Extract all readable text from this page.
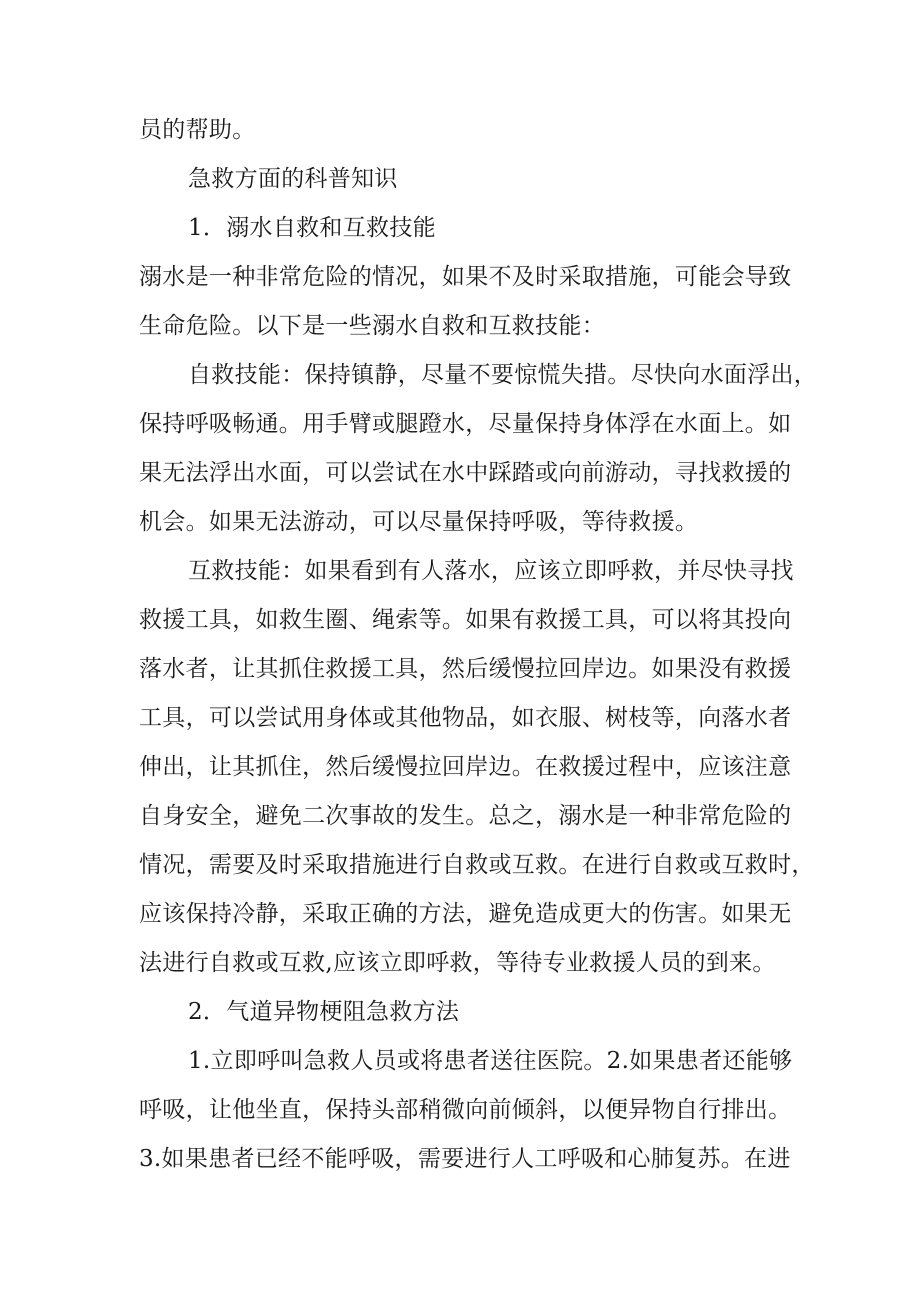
员的帮助。
急救方面的科普知识
1．溺水自救和互救技能
溺水是一种非常危险的情况，如果不及时采取措施，可能会导致
生命危险。以下是一些溺水自救和互救技能：
自救技能：保持镇静，尽量不要惊慌失措。尽快向水面浮出，
保持呼吸畅通。用手臂或腿蹬水，尽量保持身体浮在水面上。如
果无法浮出水面，可以尝试在水中踩踏或向前游动，寻找救援的
机会。如果无法游动，可以尽量保持呼吸，等待救援。
互救技能：如果看到有人落水，应该立即呼救，并尽快寻找
救援工具，如救生圈、绳索等。如果有救援工具，可以将其投向
落水者，让其抓住救援工具，然后缓慢拉回岸边。如果没有救援
工具，可以尝试用身体或其他物品，如衣服、树枝等，向落水者
伸出，让其抓住，然后缓慢拉回岸边。在救援过程中，应该注意
自身安全，避免二次事故的发生。总之，溺水是一种非常危险的
情况，需要及时采取措施进行自救或互救。在进行自救或互救时，
应该保持冷静，采取正确的方法，避免造成更大的伤害。如果无
法进行自救或互救,应该立即呼救，等待专业救援人员的到来。
2．气道异物梗阻急救方法
1.立即呼叫急救人员或将患者送往医院。2.如果患者还能够
呼吸，让他坐直，保持头部稍微向前倾斜，以便异物自行排出。
3.如果患者已经不能呼吸，需要进行人工呼吸和心肺复苏。在进
